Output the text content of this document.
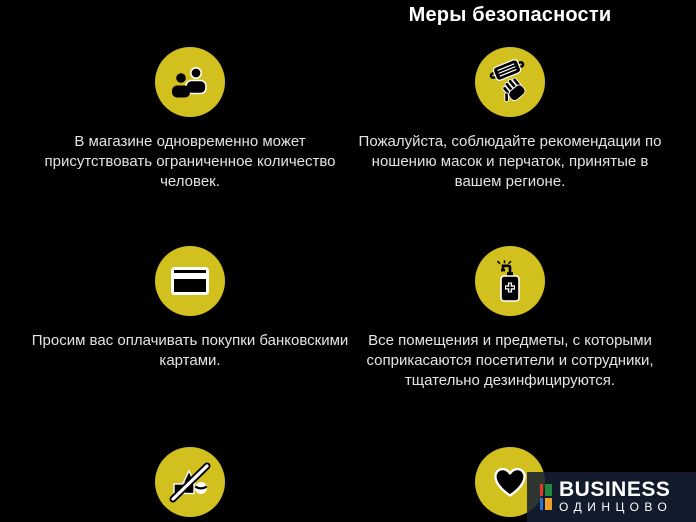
Меры безопасности
В магазине одновременно может
присутствовать ограниченное количество
человек.
Пожалуйста, соблюдайте рекомендации по
ношению масок и перчаток, принятые в
вашем регионе.
Просим вас оплачивать покупки банковскими
картами.
Все помещения и предметы, с которыми
соприкасаются посетители и сотрудники,
тщательно дезинфицируются.
BUSINESS
ОДИНЦОВО
